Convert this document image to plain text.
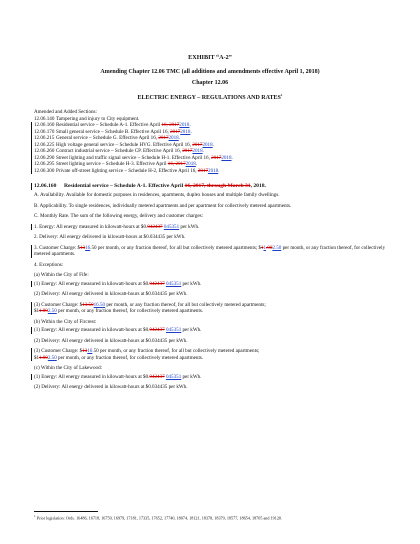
EXHIBIT “A-2”
Amending Chapter 12.06 TMC (all additions and amendments effective April 1, 2018)
Chapter 12.06
ELECTRIC ENERGY – REGULATIONS AND RATES$^1$
Amended and Added Sections:
12.06.140 Tampering and injury to City equipment.
12.06.160 Residential service – Schedule A-1. Effective April 16, 20172018.
12.06.170 Small general service – Schedule B. Effective April 16, 20172018.
12.06.215 General service – Schedule G. Effective April 16, 20172018.
12.06.225 High voltage general service – Schedule HVG. Effective April 16, 20172018.
12.06.260 Contract industrial service – Schedule CP. Effective April 16, 20172018.
12.06.290 Street lighting and traffic signal service – Schedule H-1. Effective April 16, 20172018.
12.06.295 Street lighting service – Schedule H-3. Effective April 16, 20172018.
12.06.300 Private off-street lighting service – Schedule H-2, Effective April 16, 20172018.
12.06.160 Residential service – Schedule A-1. Effective April 16, 2017, through March 31, 2018.
A. Availability. Available for domestic purposes in residences, apartments, duplex houses and multiple family dwellings.
B. Applicability. To single residences, individually metered apartments and per apartment for collectively metered apartments.
C. Monthly Rate. The sum of the following energy, delivery and customer charges:
1. Energy: All energy measured in kilowatt-hours at $0.042437 045351 per kWh.
2. Delivery: All energy delivered in kilowatt-hours at $0.034435 per kWh.
3. Customer Charge: $1316.50 per month, or any fraction thereof, for all but collectively metered apartments; $11.002.50 per month, or any fraction thereof, for collectively metered apartments.
4. Exceptions:
(a) Within the City of Fife:
(1) Energy: All energy measured in kilowatt-hours at $0.042437 045351 per kWh.
(2) Delivery: All energy delivered in kilowatt-hours at $0.034435 per kWh.
(3) Customer Charge: $13.5016.50 per month, or any fraction thereof, for all but collectively metered apartments;
$11.002.50 per month, or any fraction thereof, for collectively metered apartments.
(b) Within the City of Fircrest:
(1) Energy: All energy measured in kilowatt-hours at $0.042437 045351 per kWh.
(2) Delivery: All energy delivered in kilowatt-hours at $0.034435 per kWh.
(3) Customer Charge: $1316.50 per month, or any fraction thereof, for all but collectively metered apartments;
$11.002.50 per month, or any fraction thereof, for collectively metered apartments.
(c) Within the City of Lakewood:
(1) Energy: All energy measured in kilowatt-hours at $0.042437 045351 per kWh.
(2) Delivery: All energy delivered in kilowatt-hours at $0.034435 per kWh.
$^1$ Prior legislation: Ords. 16486, 16718, 16759, 16979, 17181, 17335, 17652, 17740, 18074, 18121, 18378, 18379, 18577, 18654, 18705 and 19120.
